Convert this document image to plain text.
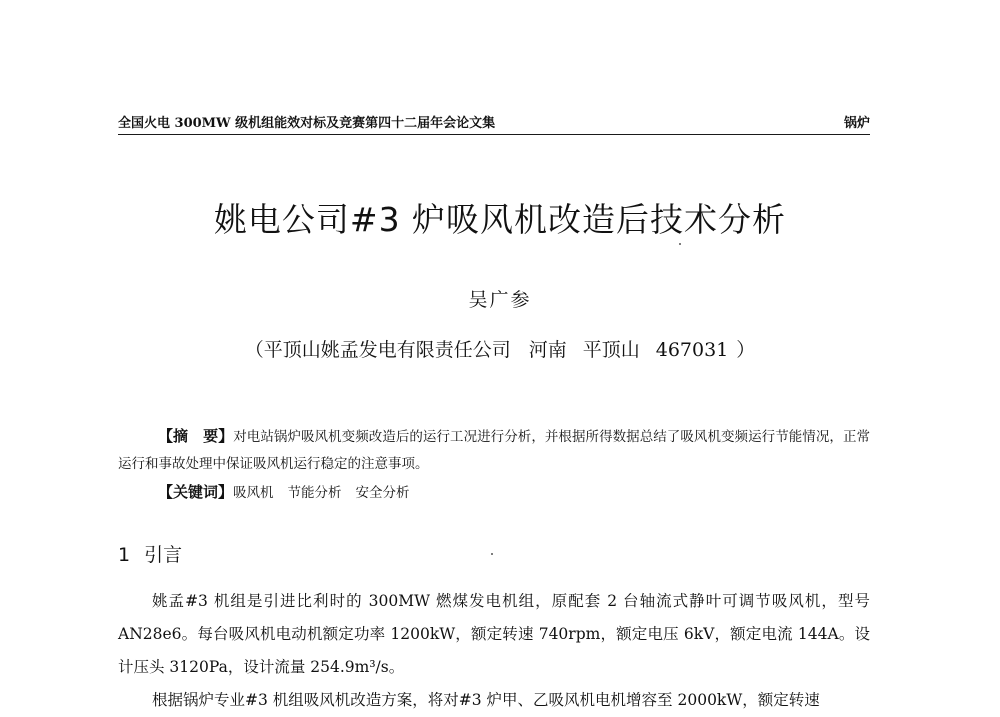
全国火电 300MW 级机组能效对标及竞赛第四十二届年会论文集	锅炉
姚电公司#3 炉吸风机改造后技术分析
吴广参
（平顶山姚孟发电有限责任公司 河南 平顶山 467031 ）
【摘　要】对电站锅炉吸风机变频改造后的运行工况进行分析，并根据所得数据总结了吸风机变频运行节能情况，正常运行和事故处理中保证吸风机运行稳定的注意事项。
【关键词】吸风机 节能分析 安全分析
1 引言

姚孟#3 机组是引进比利时的 300MW 燃煤发电机组，原配套 2 台轴流式静叶可调节吸风机，型号 AN28e6。每台吸风机电动机额定功率 1200kW，额定转速 740rpm，额定电压 6kV，额定电流 144A。设计压头 3120Pa，设计流量 254.9m³/s。

根据锅炉专业#3 机组吸风机改造方案，将对#3 炉甲、乙吸风机电机增容至 2000kW，额定转速
